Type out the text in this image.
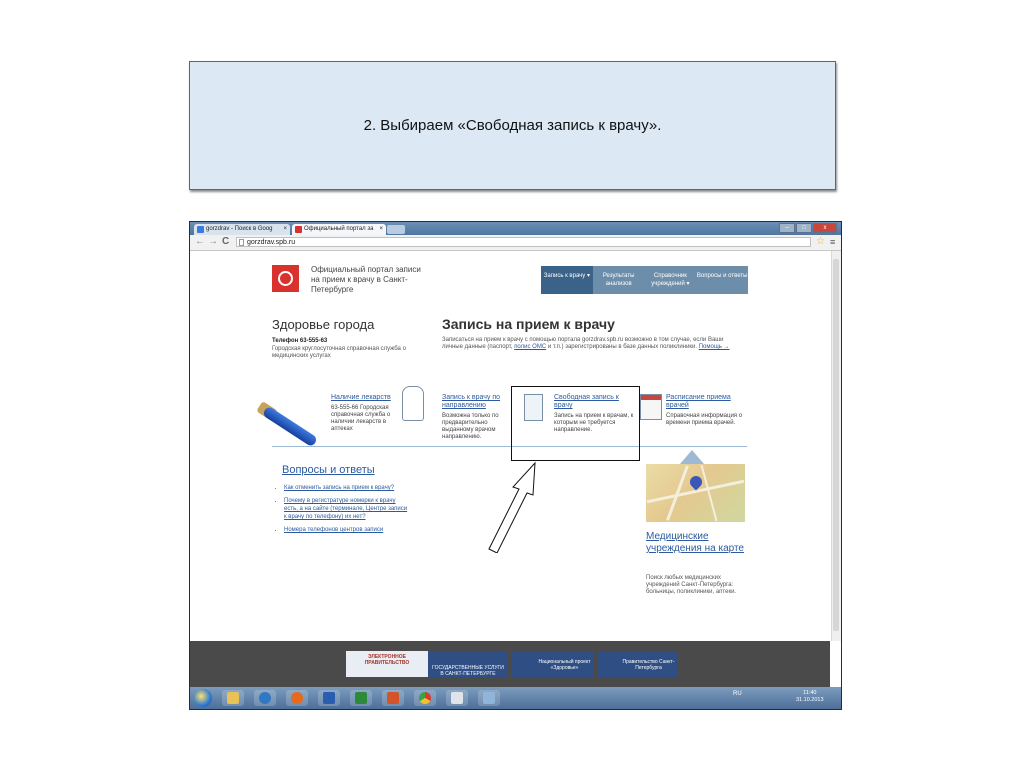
2. Выбираем «Свободная запись к врачу».
gorzdrav - Поиск в Goog ×	Официальный портал за ×	–	□	x
← → C	gorzdrav.spb.ru	☆ ≡
Официальный портал записи на прием к врачу в Санкт-Петербурге
Запись к врачу ▾	Результаты анализов
Справочник учреждений ▾
Вопросы и ответы
Здоровье города
Телефон 63-555-63
Городская круглосуточная справочная служба о медицинских услугах
Запись на прием к врачу
Записаться на прием к врачу с помощью портала gorzdrav.spb.ru возможно в том случае, если Ваши личные данные (паспорт, полис ОМС и т.п.) зарегистрированы в базе данных поликлиники. Помощь →
Наличие лекарств
63-555-66 Городская справочная служба о наличии лекарств в аптеках
Запись к врачу по направлению
Возможна только по предварительно выданному врачом направлению.
Свободная запись к врачу
Запись на прием к врачам, к которым не требуется направление.
Расписание приема врачей
Справочная информация о времени приема врачей.
Вопросы и ответы
• Как отменить запись на прием к врачу?
• Почему в регистратуре номерки к врачу есть, а на сайте (терминале, Центре записи к врачу по телефону) их нет?
• Номера телефонов центров записи
Медицинские учреждения на карте
Поиск любых медицинских учреждений Санкт-Петербурга: больницы, поликлиники, аптеки.
ЭЛЕКТРОННОЕ ПРАВИТЕЛЬСТВО
ГОСУДАРСТВЕННЫЕ УСЛУГИ В САНКТ-ПЕТЕРБУРГЕ
Национальный проект «Здоровье»
Правительство Санкт-Петербурга
RU	11:40
31.10.2013
